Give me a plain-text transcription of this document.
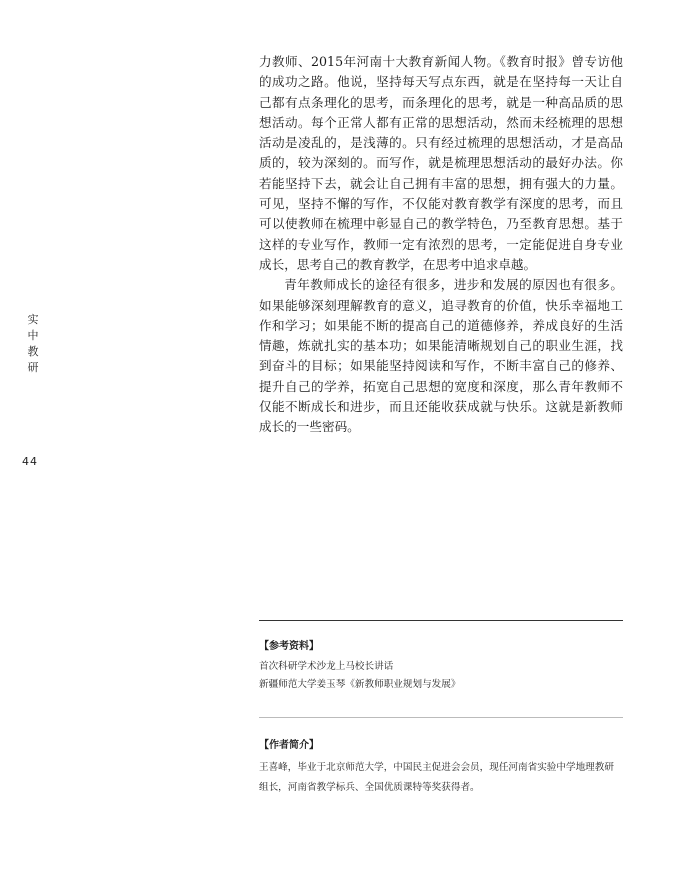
实
中
教
研
44

力教师、2015年河南十大教育新闻人物。《教育时报》曾专访他的成功之路。他说，坚持每天写点东西，就是在坚持每一天让自己都有点条理化的思考，而条理化的思考，就是一种高品质的思想活动。每个正常人都有正常的思想活动，然而未经梳理的思想活动是凌乱的，是浅薄的。只有经过梳理的思想活动，才是高品质的，较为深刻的。而写作，就是梳理思想活动的最好办法。你若能坚持下去，就会让自己拥有丰富的思想，拥有强大的力量。可见，坚持不懈的写作，不仅能对教育教学有深度的思考，而且可以使教师在梳理中彰显自己的教学特色，乃至教育思想。基于这样的专业写作，教师一定有浓烈的思考，一定能促进自身专业成长，思考自己的教育教学，在思考中追求卓越。

青年教师成长的途径有很多，进步和发展的原因也有很多。如果能够深刻理解教育的意义，追寻教育的价值，快乐幸福地工作和学习；如果能不断的提高自己的道德修养，养成良好的生活情趣，炼就扎实的基本功；如果能清晰规划自己的职业生涯，找到奋斗的目标；如果能坚持阅读和写作，不断丰富自己的修养、提升自己的学养，拓宽自己思想的宽度和深度，那么青年教师不仅能不断成长和进步，而且还能收获成就与快乐。这就是新教师成长的一些密码。

【参考资料】
首次科研学术沙龙上马校长讲话
新疆师范大学姜玉琴《新教师职业规划与发展》
【作者简介】
王喜峰，毕业于北京师范大学，中国民主促进会会员，现任河南省实验中学地理教研组长，河南省教学标兵、全国优质课特等奖获得者。
